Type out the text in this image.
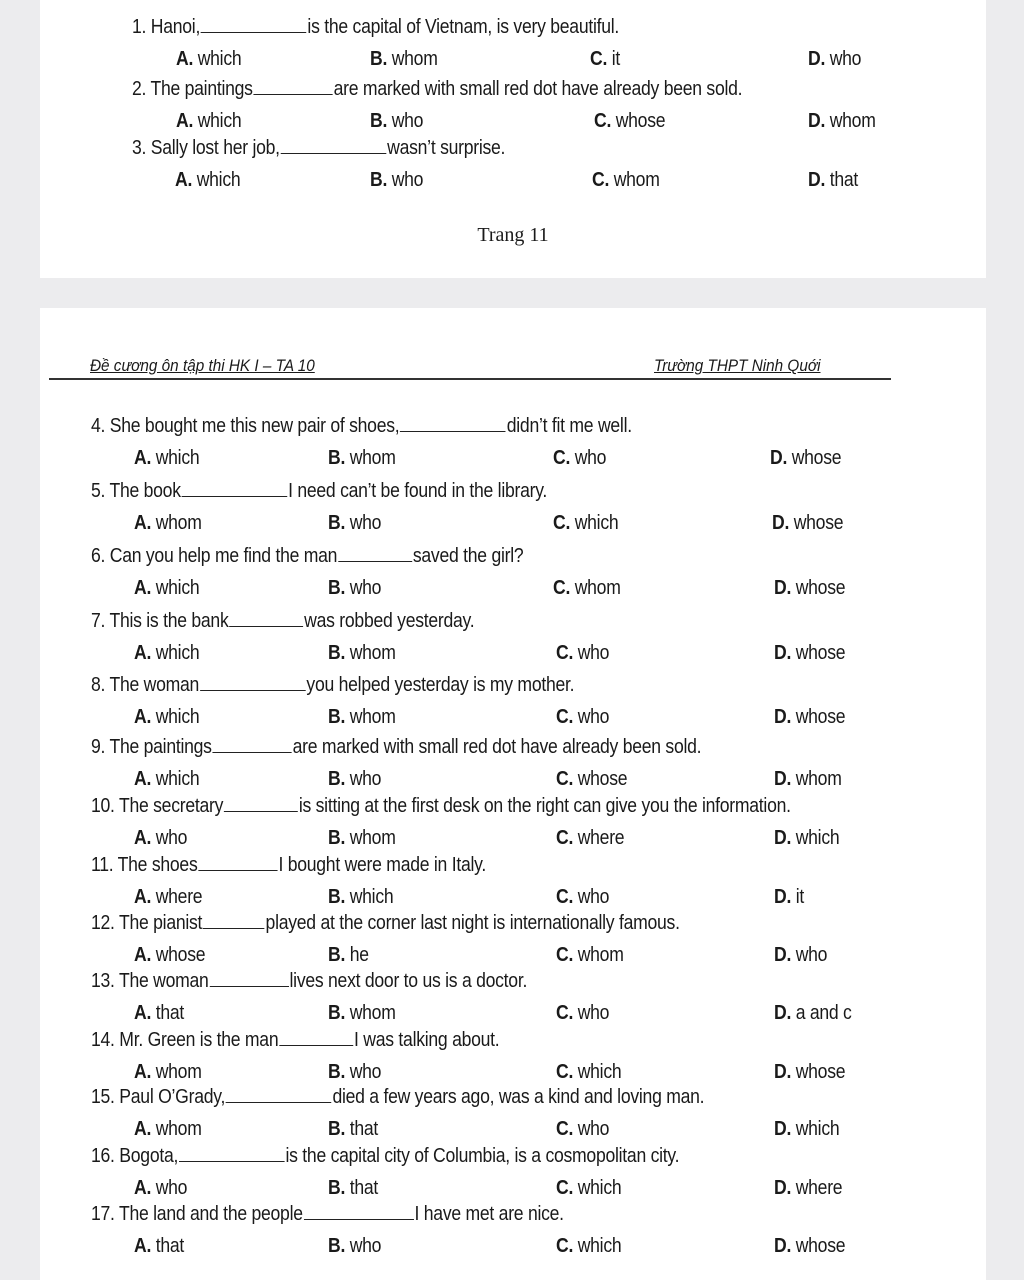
Trang 11
Đề cương ôn tập thi HK I – TA 10	Trường THPT Ninh Quới
1. Hanoi,	is the capital of Vietnam, is very beautiful.
A. which	B. whom	C. it	D. who
2. The paintings	are marked with small red dot have already been sold.
A. which	B. who	C. whose	D. whom
3. Sally lost her job,	wasn’t surprise.
A. which	B. who	C. whom	D. that
4. She bought me this new pair of shoes,	didn’t fit me well.
A. which	B. whom	C. who	D. whose
5. The book	I need can’t be found in the library.
A. whom	B. who	C. which	D. whose
6. Can you help me find the man	saved the girl?
A. which	B. who	C. whom	D. whose
7. This is the bank	was robbed yesterday.
A. which	B. whom	C. who	D. whose
8. The woman	you helped yesterday is my mother.
A. which	B. whom	C. who	D. whose
9. The paintings	are marked with small red dot have already been sold.
A. which	B. who	C. whose	D. whom
10. The secretary	is sitting at the first desk on the right can give you the information.
A. who	B. whom	C. where	D. which
11. The shoes	I bought were made in Italy.
A. where	B. which	C. who	D. it
12. The pianist	played at the corner last night is internationally famous.
A. whose	B. he	C. whom	D. who
13. The woman	lives next door to us is a doctor.
A. that	B. whom	C. who	D. a and c
14. Mr. Green is the man	I was talking about.
A. whom	B. who	C. which	D. whose
15. Paul O’Grady,	died a few years ago, was a kind and loving man.
A. whom	B. that	C. who	D. which
16. Bogota,	is the capital city of Columbia, is a cosmopolitan city.
A. who	B. that	C. which	D. where
17. The land and the people	I have met are nice.
A. that	B. who	C. which	D. whose
